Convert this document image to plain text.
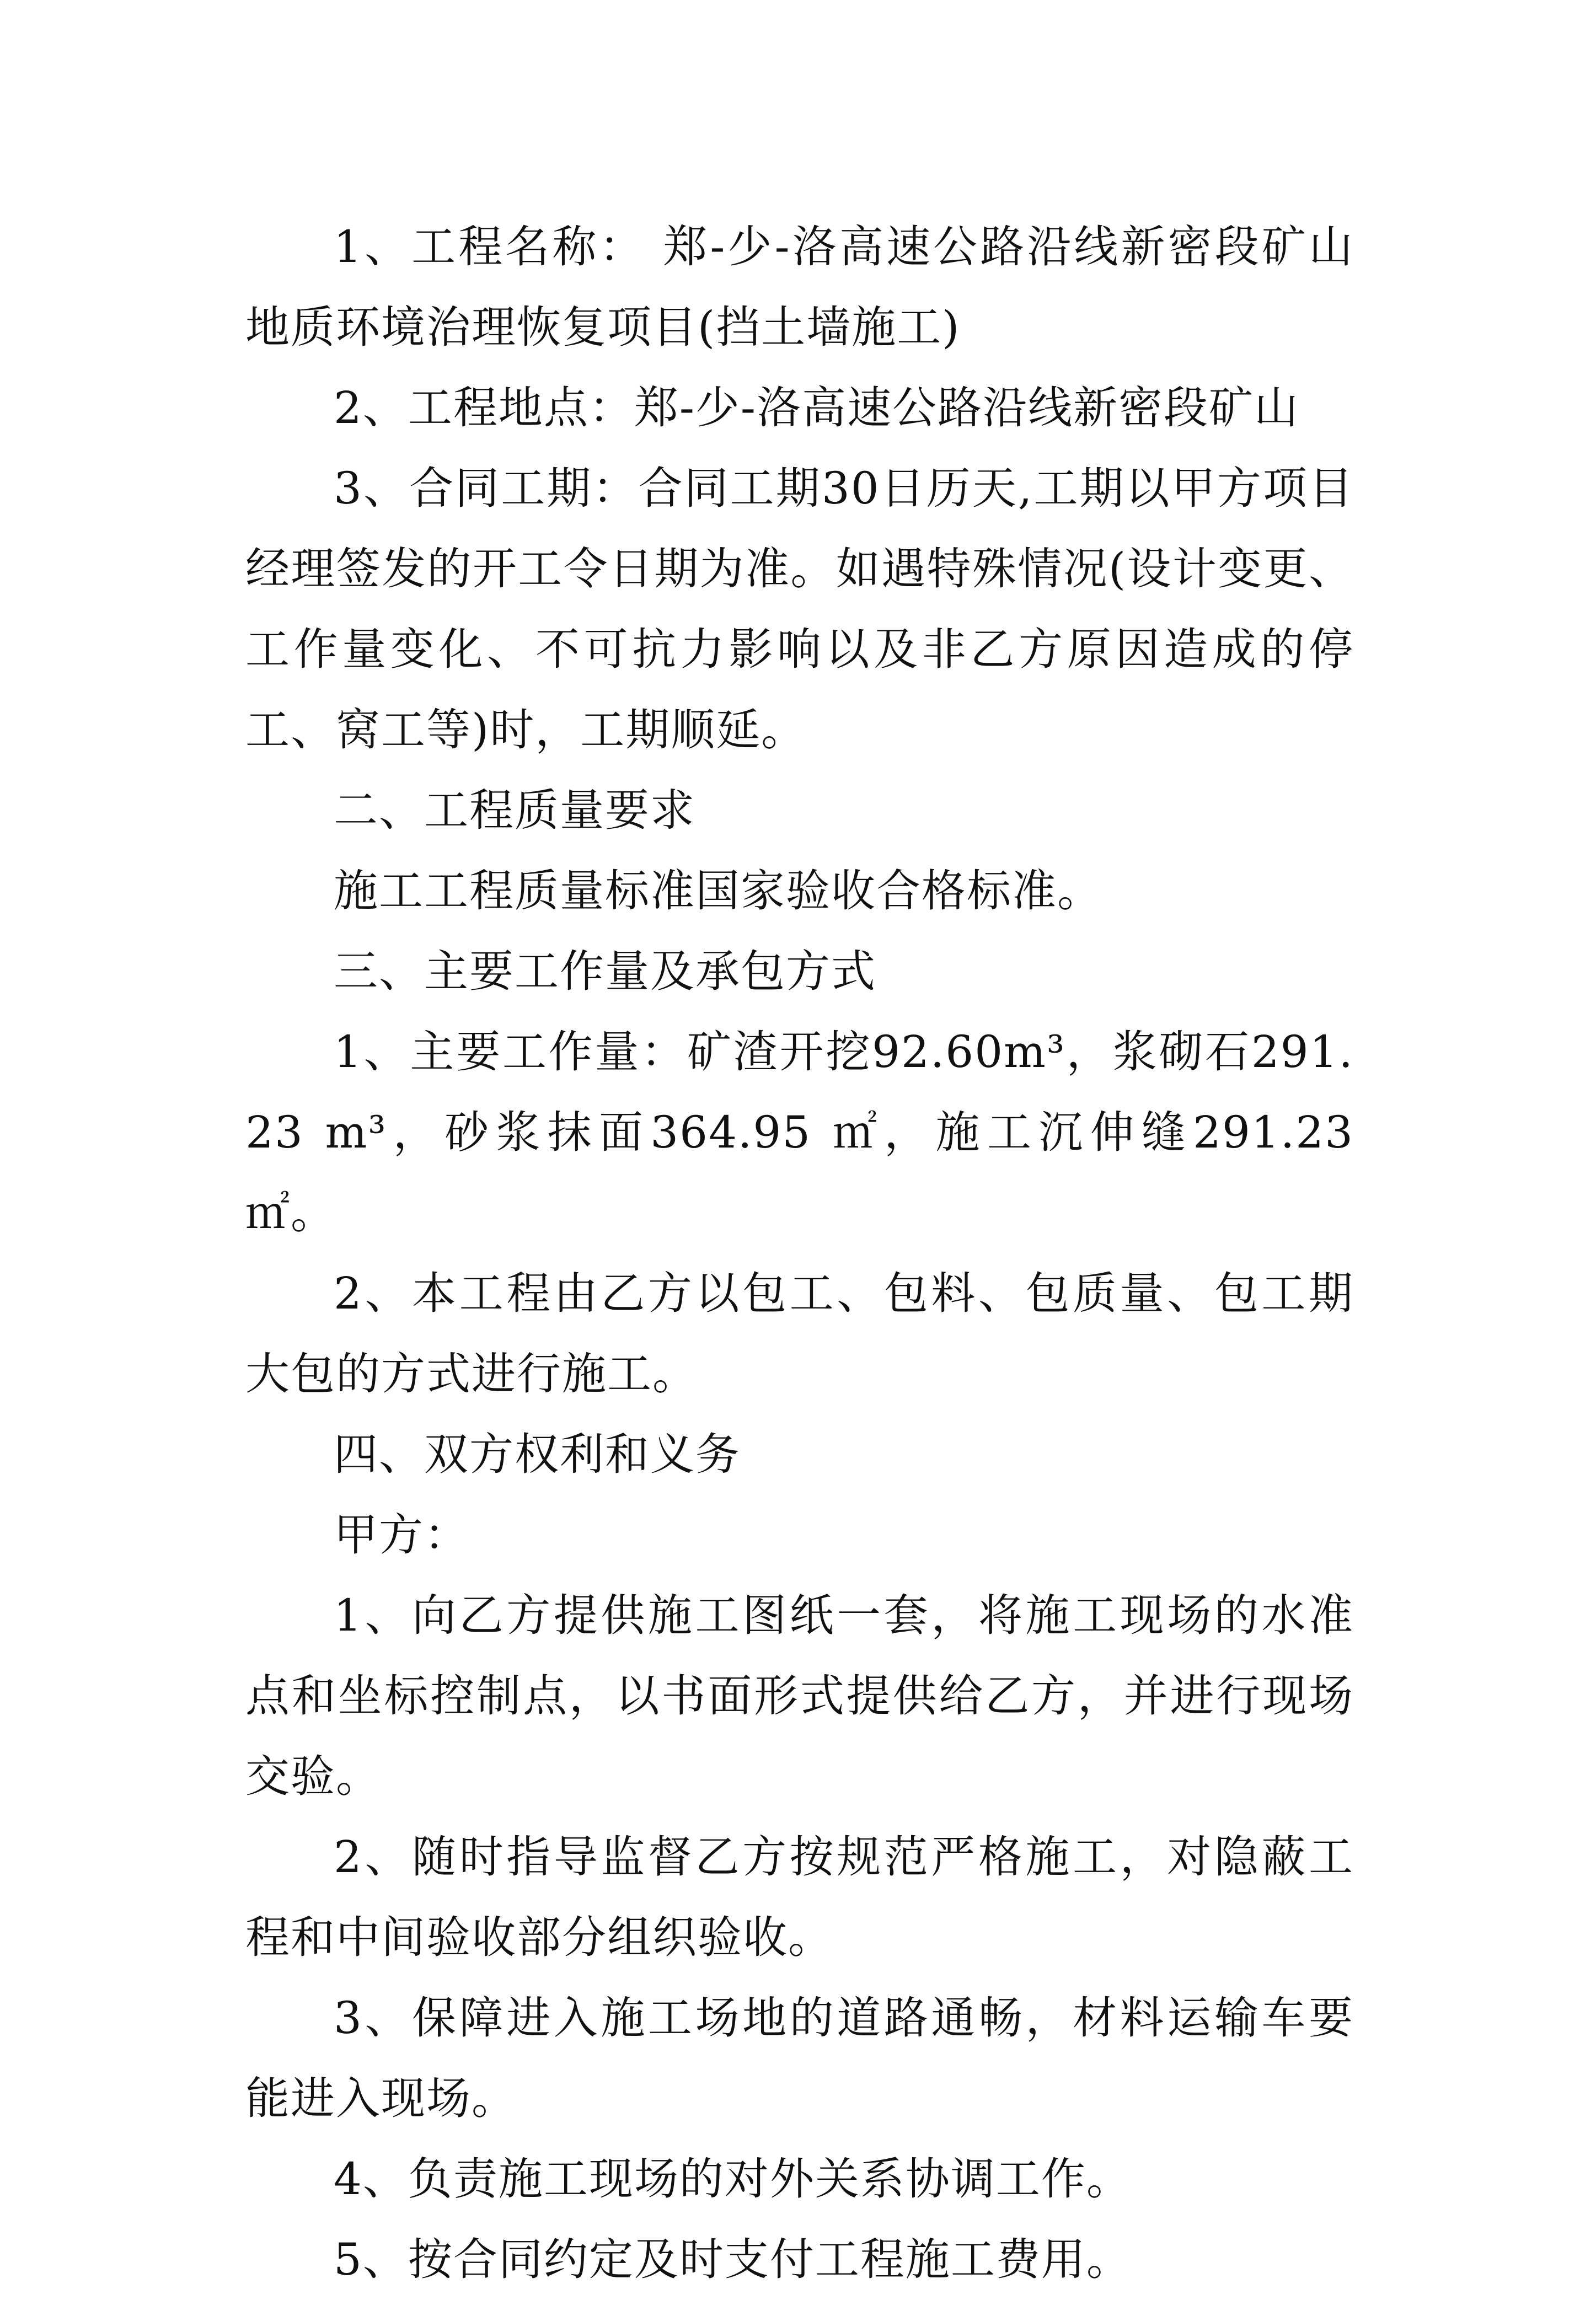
1、工程名称： 郑-少-洛高速公路沿线新密段矿山地质环境治理恢复项目(挡土墙施工)

2、工程地点：郑-少-洛高速公路沿线新密段矿山

3、合同工期：合同工期30日历天,工期以甲方项目经理签发的开工令日期为准。如遇特殊情况(设计变更、工作量变化、不可抗力影响以及非乙方原因造成的停工、窝工等)时，工期顺延。

二、工程质量要求

施工工程质量标准国家验收合格标准。

三、主要工作量及承包方式

1、主要工作量：矿渣开挖92.60m³，浆砌石291.23 m³，砂浆抹面364.95 ㎡，施工沉伸缝291.23 ㎡。

2、本工程由乙方以包工、包料、包质量、包工期大包的方式进行施工。

四、双方权利和义务

甲方：

1、向乙方提供施工图纸一套，将施工现场的水准点和坐标控制点，以书面形式提供给乙方，并进行现场交验。

2、随时指导监督乙方按规范严格施工，对隐蔽工程和中间验收部分组织验收。

3、保障进入施工场地的道路通畅，材料运输车要能进入现场。

4、负责施工现场的对外关系协调工作。

5、按合同约定及时支付工程施工费用。
